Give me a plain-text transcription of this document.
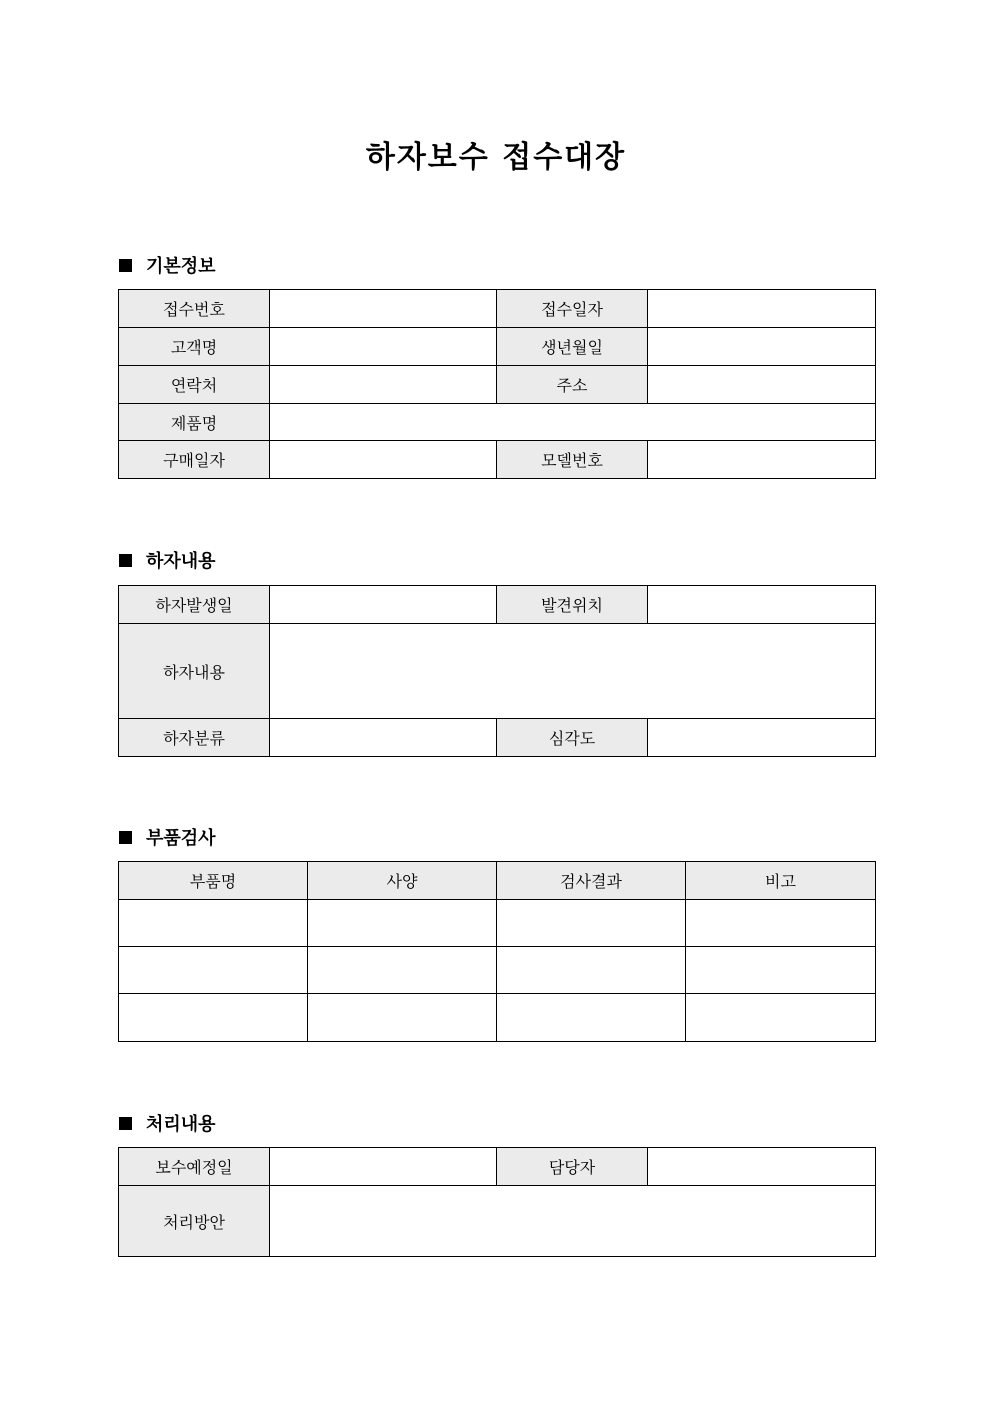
하자보수 접수대장
기본정보
접수번호		접수일자	
고객명		생년월일	
연락처		주소	
제품명			
구매일자		모델번호	
하자내용
하자발생일		발견위치	
하자내용			
하자분류		심각도	
부품검사
부품명	사양	검사결과	비고

처리내용
보수예정일		담당자	
처리방안			
